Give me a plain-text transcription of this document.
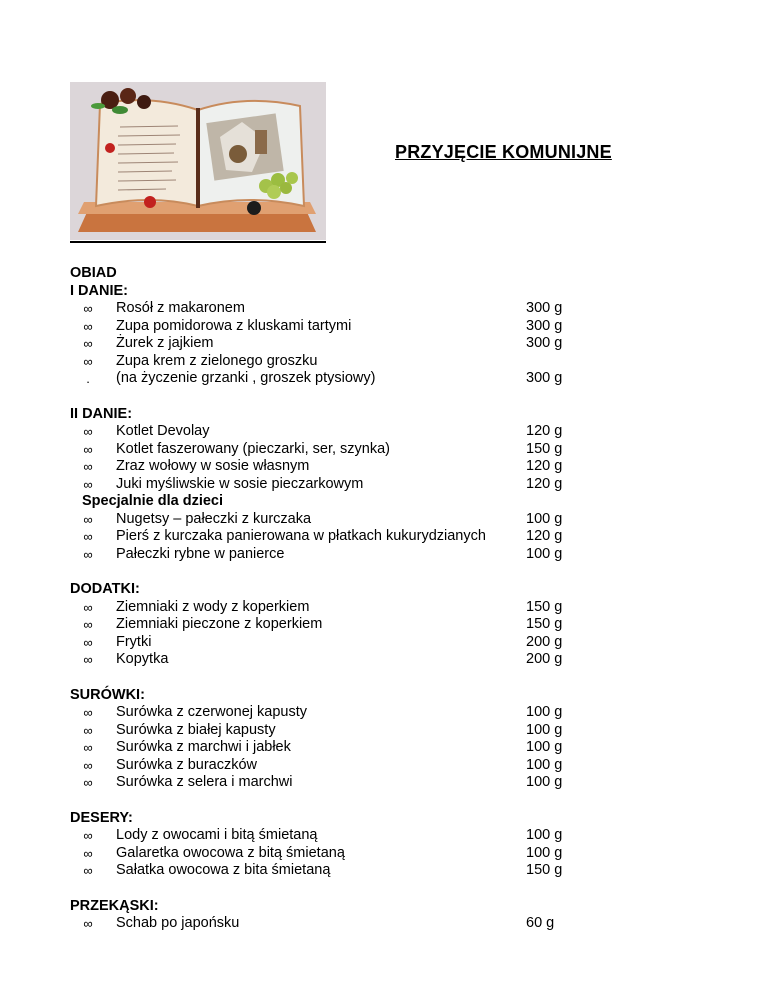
PRZYJĘCIE KOMUNIJNE
OBIAD
I DANIE:
∞ Rosół z makaronem	300 g
∞ Zupa pomidorowa z kluskami tartymi	300 g
∞ Żurek z jajkiem	300 g
∞ Zupa krem z zielonego groszku
.	(na życzenie grzanki , groszek ptysiowy)	300 g
II DANIE:
∞ Kotlet Devolay	120 g
∞ Kotlet faszerowany (pieczarki, ser, szynka)	150 g
∞ Zraz wołowy w sosie własnym	120 g
∞ Juki myśliwskie w sosie pieczarkowym	120 g
Specjalnie dla dzieci
∞ Nugetsy – pałeczki z kurczaka	100 g
∞ Pierś z kurczaka panierowana w płatkach kukurydzianych	120 g
∞ Pałeczki rybne w panierce	100 g
DODATKI:
∞ Ziemniaki z wody z koperkiem	150 g
∞ Ziemniaki pieczone z koperkiem	150 g
∞ Frytki	200 g
∞ Kopytka	200 g
SURÓWKI:
∞ Surówka z czerwonej kapusty	100 g
∞ Surówka z białej kapusty	100 g
∞ Surówka z marchwi i jabłek	100 g
∞ Surówka z buraczków	100 g
∞ Surówka z selera i marchwi	100 g
DESERY:
∞ Lody z owocami i bitą śmietaną	100 g
∞ Galaretka owocowa z bitą śmietaną	100 g
∞ Sałatka owocowa z bita śmietaną	150 g
PRZEKĄSKI:
∞ Schab po japońsku	60 g
